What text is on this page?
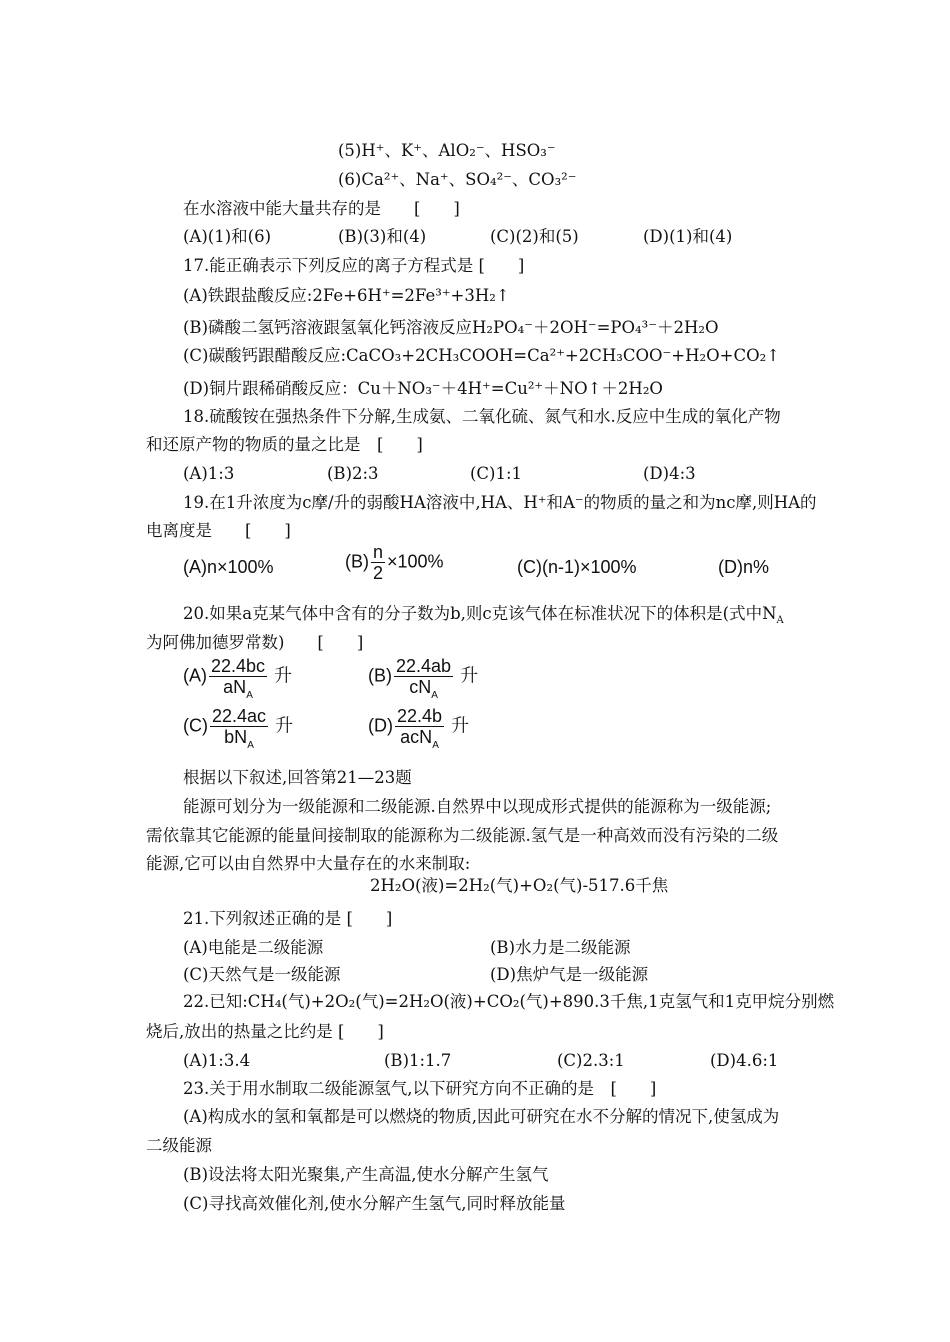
(5)H⁺、K⁺、AlO₂⁻、HSO₃⁻
(6)Ca²⁺、Na⁺、SO₄²⁻、CO₃²⁻
在水溶液中能大量共存的是　　[　　]
(A)(1)和(6)	(B)(3)和(4)	(C)(2)和(5)	(D)(1)和(4)
17.能正确表示下列反应的离子方程式是 [　　]
(A)铁跟盐酸反应:2Fe+6H⁺=2Fe³⁺+3H₂↑
(B)磷酸二氢钙溶液跟氢氧化钙溶液反应H₂PO₄⁻＋2OH⁻=PO₄³⁻＋2H₂O
(C)碳酸钙跟醋酸反应:CaCO₃+2CH₃COOH=Ca²⁺+2CH₃COO⁻+H₂O+CO₂↑
(D)铜片跟稀硝酸反应：Cu＋NO₃⁻＋4H⁺=Cu²⁺＋NO↑＋2H₂O
18.硫酸铵在强热条件下分解,生成氨、二氧化硫、氮气和水.反应中生成的氧化产物
和还原产物的物质的量之比是　[　　]
(A)1:3	(B)2:3	(C)1:1	(D)4:3
19.在1升浓度为c摩/升的弱酸HA溶液中,HA、H⁺和A⁻的物质的量之和为nc摩,则HA的
电离度是　　[　　]
(A)n×100%	$(B) \frac{n}{2} \times 100\%$	(C)(n-1)×100%	(D)n%
20.如果a克某气体中含有的分子数为b,则c克该气体在标准状况下的体积是(式中$N_A$
为阿佛加德罗常数)　　[　　]
$(A) \frac{22.4bc}{aN_A}$ 升	$(B) \frac{22.4ab}{cN_A}$ 升
$(C) \frac{22.4ac}{bN_A}$ 升	$(D) \frac{22.4b}{acN_A}$ 升
根据以下叙述,回答第21—23题
能源可划分为一级能源和二级能源.自然界中以现成形式提供的能源称为一级能源;
需依靠其它能源的能量间接制取的能源称为二级能源.氢气是一种高效而没有污染的二级
能源,它可以由自然界中大量存在的水来制取:
2H₂O(液)=2H₂(气)+O₂(气)-517.6千焦
21.下列叙述正确的是 [　　]
(A)电能是二级能源	(B)水力是二级能源
(C)天然气是一级能源	(D)焦炉气是一级能源
22.已知:CH₄(气)+2O₂(气)=2H₂O(液)+CO₂(气)+890.3千焦,1克氢气和1克甲烷分别燃
烧后,放出的热量之比约是 [　　]
(A)1:3.4	(B)1:1.7	(C)2.3:1	(D)4.6:1
23.关于用水制取二级能源氢气,以下研究方向不正确的是　[　　]
(A)构成水的氢和氧都是可以燃烧的物质,因此可研究在水不分解的情况下,使氢成为
二级能源
(B)设法将太阳光聚集,产生高温,使水分解产生氢气
(C)寻找高效催化剂,使水分解产生氢气,同时释放能量
